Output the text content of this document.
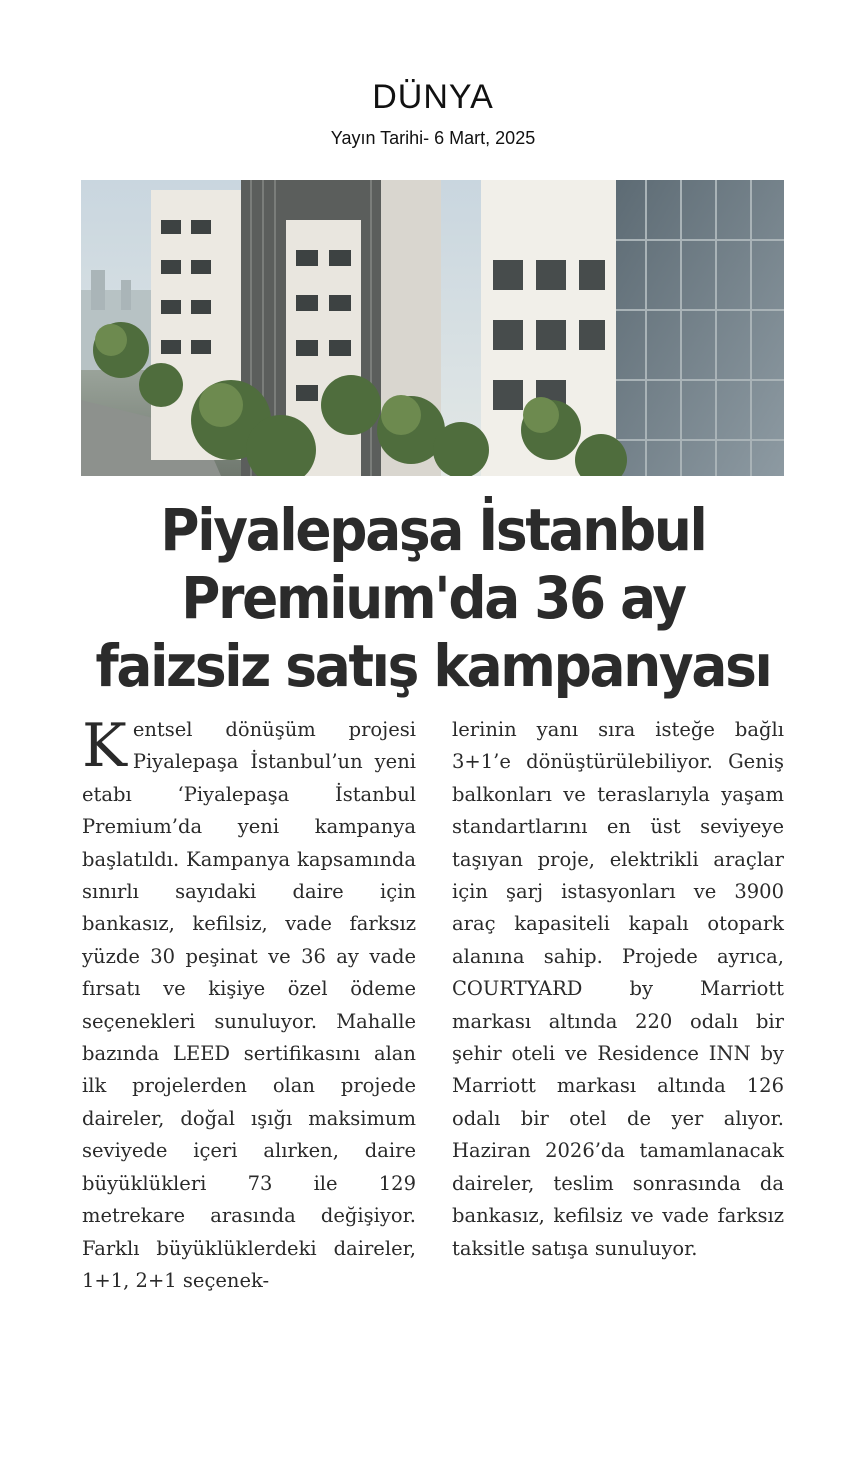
DÜNYA
Yayın Tarihi- 6 Mart, 2025
Piyalepaşa İstanbul
Premium'da 36 ay
faizsiz satış kampanyası
K entsel dönüşüm projesi Piyalepaşa İstanbul’un yeni etabı ‘Piyalepaşa İstanbul Premium’da yeni kampanya başlatıldı. Kampanya kapsamında sınırlı sayıdaki daire için bankasız, kefilsiz, vade farksız yüzde 30 peşinat ve 36 ay vade fırsatı ve kişiye özel ödeme seçenekleri sunuluyor. Mahalle bazında LEED sertifikasını alan ilk projelerden olan projede daireler, doğal ışığı maksimum seviyede içeri alırken, daire büyüklükleri 73 ile 129 metrekare arasında değişiyor. Farklı büyüklüklerdeki daireler, 1+1, 2+1 seçenek-

lerinin yanı sıra isteğe bağlı 3+1’e dönüştürülebiliyor. Geniş balkonları ve teraslarıyla yaşam standartlarını en üst seviyeye taşıyan proje, elektrikli araçlar için şarj istasyonları ve 3900 araç kapasiteli kapalı otopark alanına sahip. Projede ayrıca, COURTYARD by Marriott markası altında 220 odalı bir şehir oteli ve Residence INN by Marriott markası altında 126 odalı bir otel de yer alıyor. Haziran 2026’da tamamlanacak daireler, teslim sonrasında da bankasız, kefilsiz ve vade farksız taksitle satışa sunuluyor.
